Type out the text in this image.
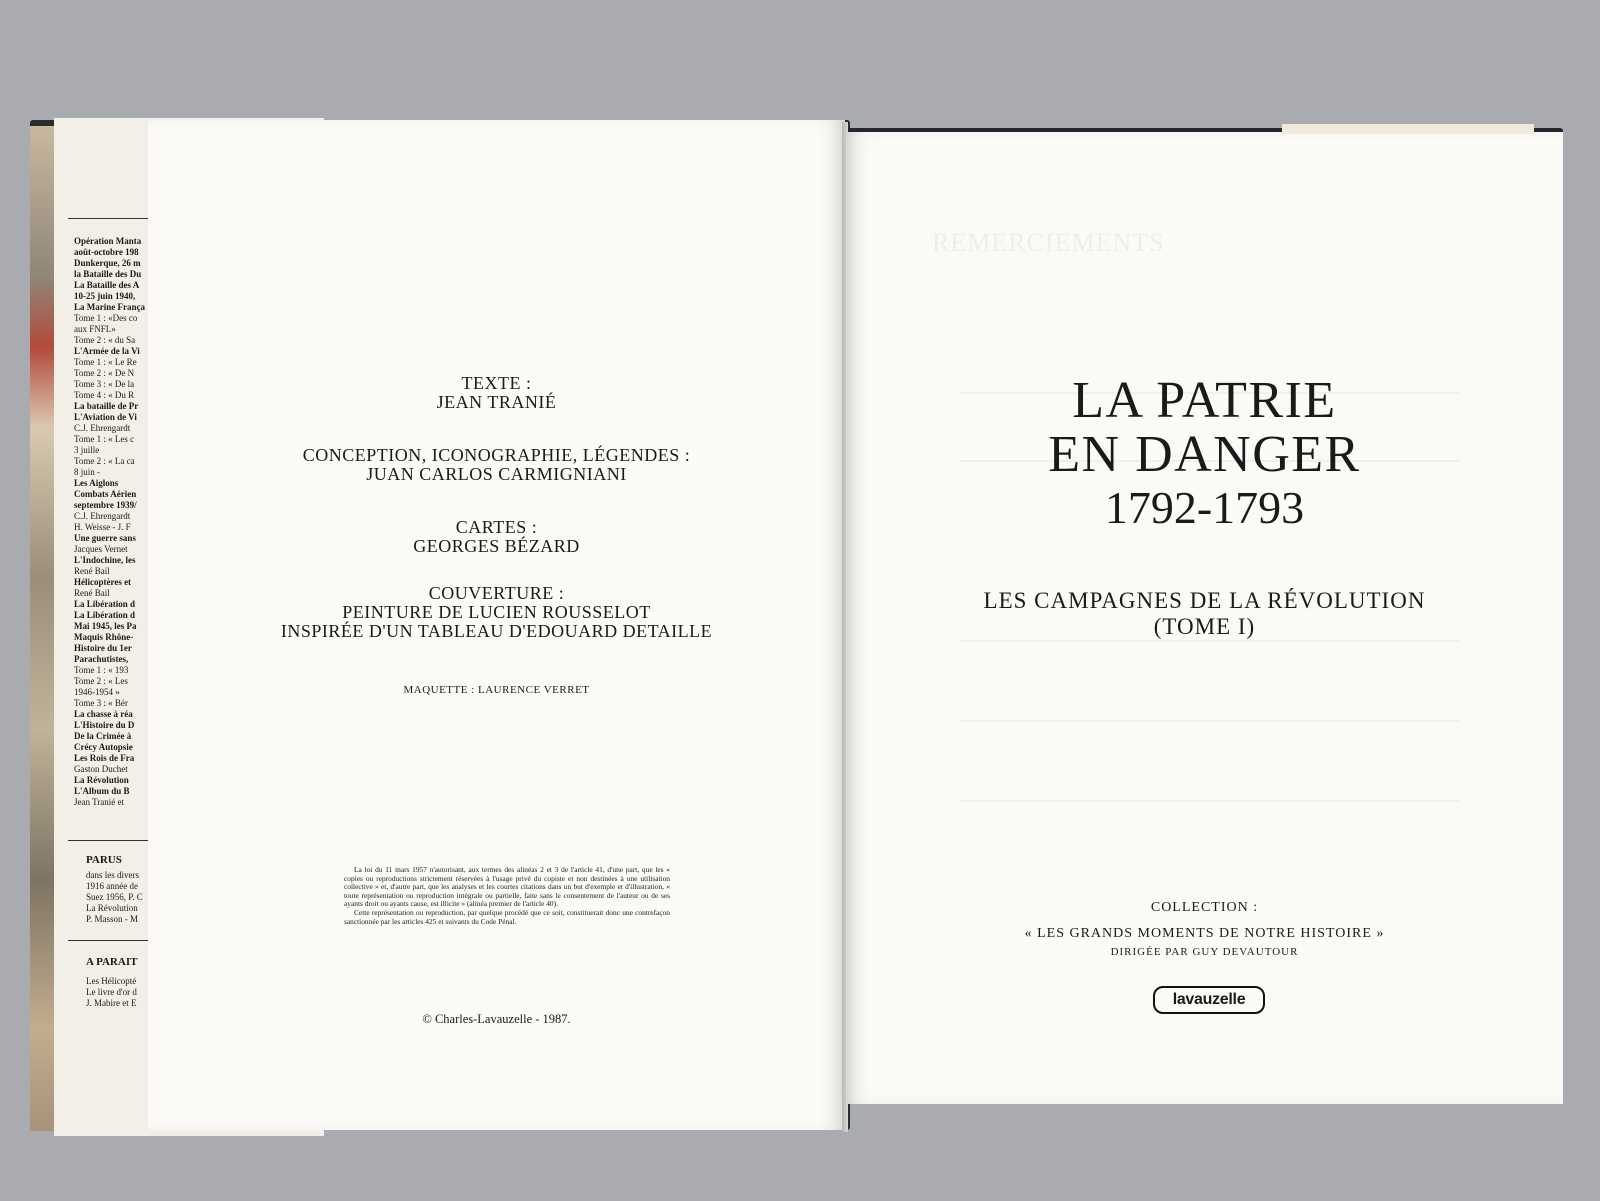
Opération Manta
août-octobre 198
Dunkerque, 26 m
la Bataille des Du
La Bataille des A
10-25 juin 1940,
La Marine França
Tome 1 : «Des co
aux FNFL»
Tome 2 : « du Sa
L'Armée de la Vi
Tome 1 : « Le Re
Tome 2 : « De N
Tome 3 : « De la
Tome 4 : « Du R
La bataille de Pr
L'Aviation de Vi
C.J. Ehrengardt
Tome 1 : « Les c
3 juille
Tome 2 : « La ca
8 juin -
Les Aiglons
Combats Aérien
septembre 1939/
C.J. Ehrengardt
H. Weisse - J. F
Une guerre sans
Jacques Vernet
L'Indochine, les
René Bail
Hélicoptères et
René Bail
La Libération d
La Libération d
Mai 1945, les Pa
Maquis Rhône-
Histoire du 1er
Parachutistes,
Tome 1 : « 193
Tome 2 : « Les
1946-1954 »
Tome 3 : « Bér
La chasse à réa
L'Histoire du D
De la Crimée à
Crécy Autopsie
Les Rois de Fra
Gaston Duchet
La Révolution
L'Album du B
Jean Tranié et
PARUS
dans les divers
1916 année de
Suez 1956, P. C
La Révolution
P. Masson - M
A PARAIT
Les Hélicopté
Le livre d'or d
J. Mabire et E
TEXTE :
JEAN TRANIÉ
CONCEPTION, ICONOGRAPHIE, LÉGENDES :
JUAN CARLOS CARMIGNIANI
CARTES :
GEORGES BÉZARD
COUVERTURE :
PEINTURE DE LUCIEN ROUSSELOT
INSPIRÉE D'UN TABLEAU D'EDOUARD DETAILLE
MAQUETTE : LAURENCE VERRET
La loi du 11 mars 1957 n'autorisant, aux termes des alinéas 2 et 3 de l'article 41, d'une part, que les « copies ou reproductions strictement réservées à l'usage privé du copiste et non destinées à une utilisation collective » et, d'autre part, que les analyses et les courtes citations dans un but d'exemple et d'illustration, « toute représentation ou reproduction intégrale ou partielle, faite sans le consentement de l'auteur ou de ses ayants droit ou ayants cause, est illicite » (alinéa premier de l'article 40).
Cette représentation ou reproduction, par quelque procédé que ce soit, constituerait donc une contrefaçon sanctionnée par les articles 425 et suivants du Code Pénal.
© Charles-Lavauzelle - 1987.
REMERCIEMENTS
LA PATRIE
EN DANGER
1792-1793
LES CAMPAGNES DE LA RÉVOLUTION
(TOME I)
COLLECTION :
« LES GRANDS MOMENTS DE NOTRE HISTOIRE »
DIRIGÉE PAR GUY DEVAUTOUR
lavauzelle
